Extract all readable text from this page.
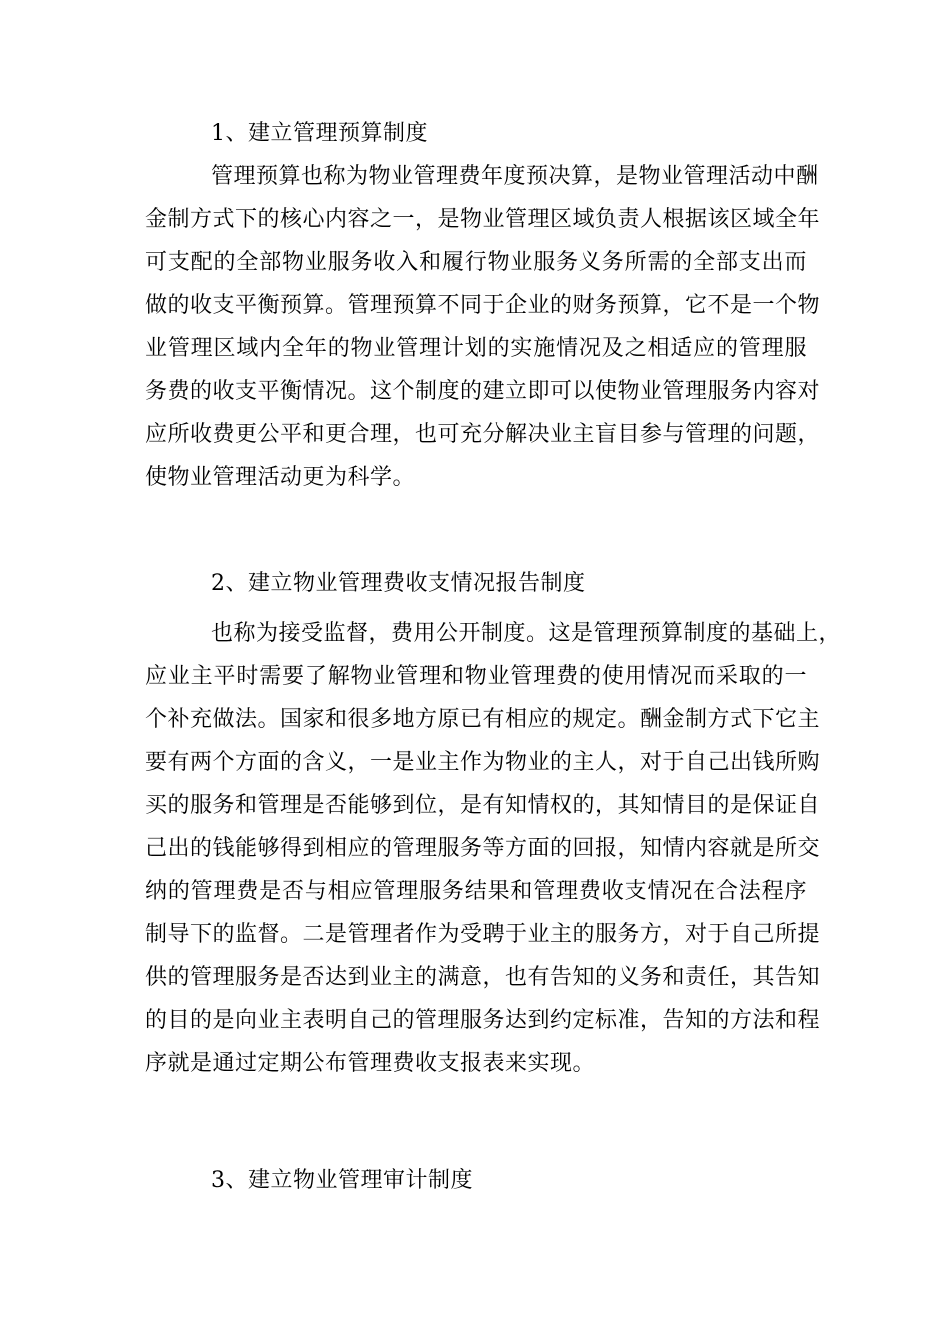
1、建立管理预算制度
管理预算也称为物业管理费年度预决算，是物业管理活动中酬
金制方式下的核心内容之一，是物业管理区域负责人根据该区域全年
可支配的全部物业服务收入和履行物业服务义务所需的全部支出而
做的收支平衡预算。管理预算不同于企业的财务预算，它不是一个物
业管理区域内全年的物业管理计划的实施情况及之相适应的管理服
务费的收支平衡情况。这个制度的建立即可以使物业管理服务内容对
应所收费更公平和更合理，也可充分解决业主盲目参与管理的问题，
使物业管理活动更为科学。
2、建立物业管理费收支情况报告制度
也称为接受监督，费用公开制度。这是管理预算制度的基础上，
应业主平时需要了解物业管理和物业管理费的使用情况而采取的一
个补充做法。国家和很多地方原已有相应的规定。酬金制方式下它主
要有两个方面的含义，一是业主作为物业的主人，对于自己出钱所购
买的服务和管理是否能够到位，是有知情权的，其知情目的是保证自
己出的钱能够得到相应的管理服务等方面的回报，知情内容就是所交
纳的管理费是否与相应管理服务结果和管理费收支情况在合法程序
制导下的监督。二是管理者作为受聘于业主的服务方，对于自己所提
供的管理服务是否达到业主的满意，也有告知的义务和责任，其告知
的目的是向业主表明自己的管理服务达到约定标准，告知的方法和程
序就是通过定期公布管理费收支报表来实现。
3、建立物业管理审计制度
